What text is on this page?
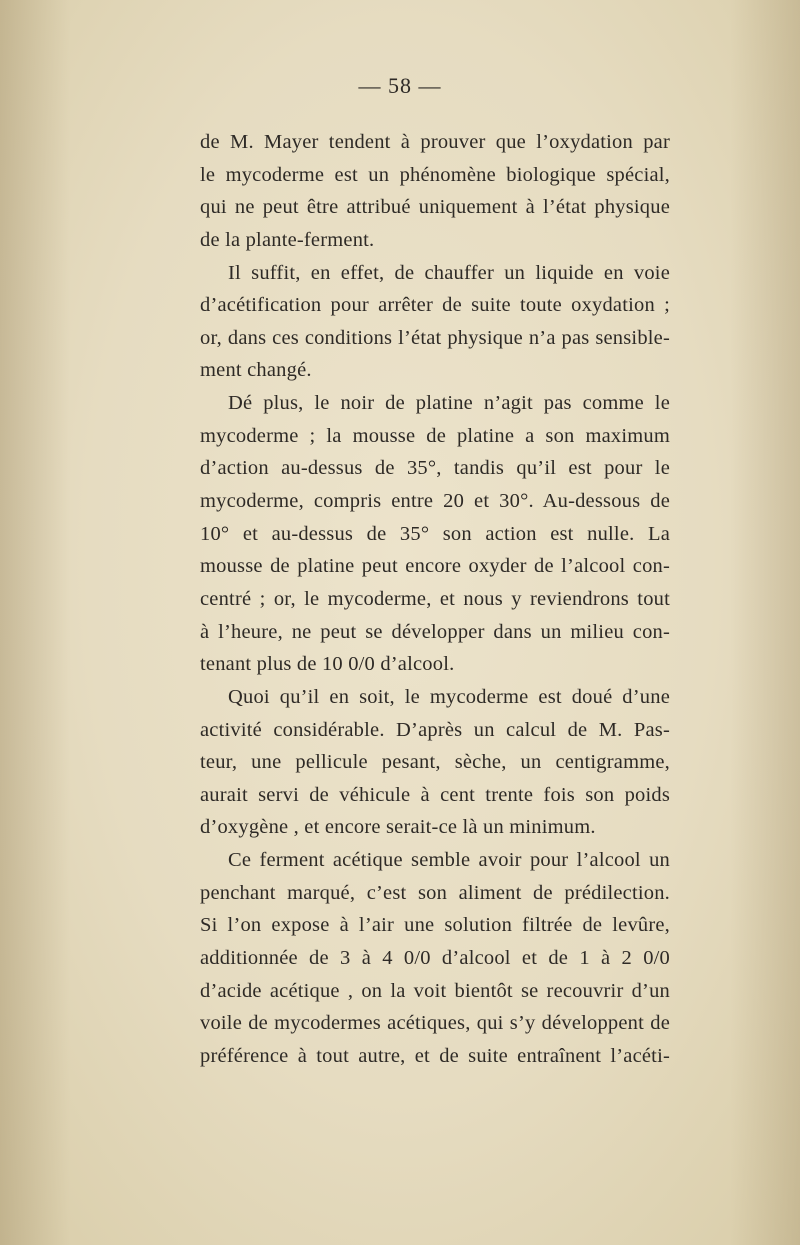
— 58 —
de M. Mayer tendent à prouver que l’oxydation par
le mycoderme est un phénomène biologique spécial,
qui ne peut être attribué uniquement à l’état physique
de la plante-ferment.
Il suffit, en effet, de chauffer un liquide en voie
d’acétification pour arrêter de suite toute oxydation ;
or, dans ces conditions l’état physique n’a pas sensible-
ment changé.
Dé plus, le noir de platine n’agit pas comme le
mycoderme ; la mousse de platine a son maximum
d’action au-dessus de 35°, tandis qu’il est pour le
mycoderme, compris entre 20 et 30°. Au-dessous de
10° et au-dessus de 35° son action est nulle. La
mousse de platine peut encore oxyder de l’alcool con-
centré ; or, le mycoderme, et nous y reviendrons tout
à l’heure, ne peut se développer dans un milieu con-
tenant plus de 10 0/0 d’alcool.
Quoi qu’il en soit, le mycoderme est doué d’une
activité considérable. D’après un calcul de M. Pas-
teur, une pellicule pesant, sèche, un centigramme,
aurait servi de véhicule à cent trente fois son poids
d’oxygène , et encore serait-ce là un minimum.
Ce ferment acétique semble avoir pour l’alcool un
penchant marqué, c’est son aliment de prédilection.
Si l’on expose à l’air une solution filtrée de levûre,
additionnée de 3 à 4 0/0 d’alcool et de 1 à 2 0/0
d’acide acétique , on la voit bientôt se recouvrir d’un
voile de mycodermes acétiques, qui s’y développent de
préférence à tout autre, et de suite entraînent l’acéti-
